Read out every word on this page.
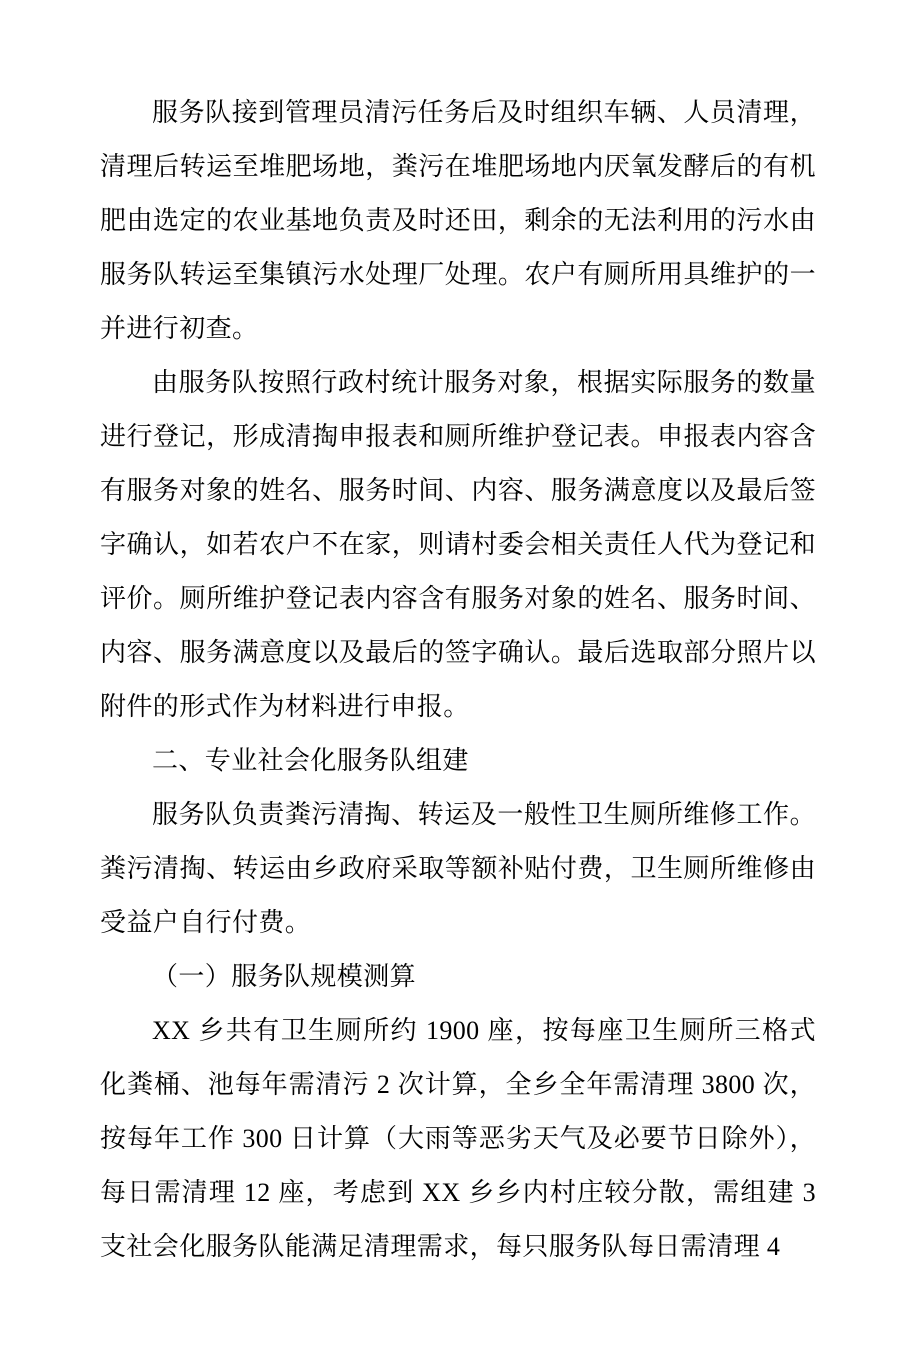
服务队接到管理员清污任务后及时组织车辆、人员清理，清理后转运至堆肥场地，粪污在堆肥场地内厌氧发酵后的有机肥由选定的农业基地负责及时还田，剩余的无法利用的污水由服务队转运至集镇污水处理厂处理。农户有厕所用具维护的一并进行初查。

由服务队按照行政村统计服务对象，根据实际服务的数量进行登记，形成清掏申报表和厕所维护登记表。申报表内容含有服务对象的姓名、服务时间、内容、服务满意度以及最后签字确认，如若农户不在家，则请村委会相关责任人代为登记和评价。厕所维护登记表内容含有服务对象的姓名、服务时间、内容、服务满意度以及最后的签字确认。最后选取部分照片以附件的形式作为材料进行申报。

二、专业社会化服务队组建

服务队负责粪污清掏、转运及一般性卫生厕所维修工作。粪污清掏、转运由乡政府采取等额补贴付费，卫生厕所维修由受益户自行付费。

（一）服务队规模测算

XX 乡共有卫生厕所约 1900 座，按每座卫生厕所三格式化粪桶、池每年需清污 2 次计算，全乡全年需清理 3800 次，按每年工作 300 日计算（大雨等恶劣天气及必要节日除外），每日需清理 12 座，考虑到 XX 乡乡内村庄较分散，需组建 3 支社会化服务队能满足清理需求，每只服务队每日需清理 4
